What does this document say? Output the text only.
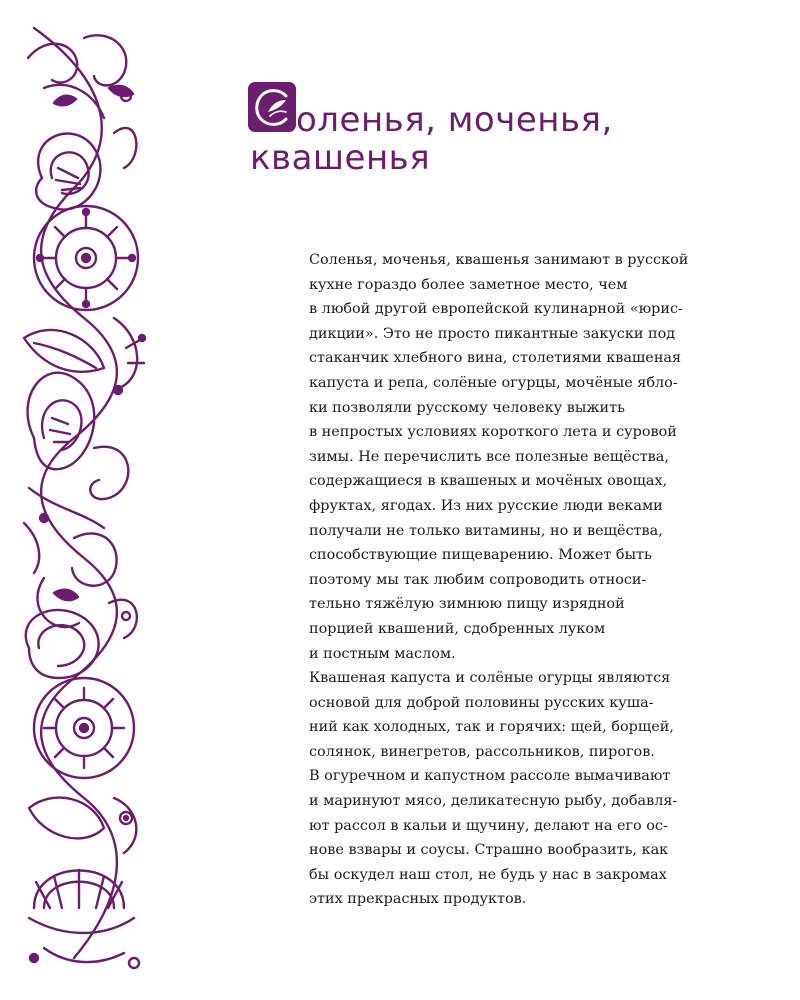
оленья, моченья,
квашенья
Соленья, моченья, квашенья занимают в русской
кухне гораздо более заметное место, чем
в любой другой европейской кулинарной «юрис-
дикции». Это не просто пикантные закуски под
стаканчик хлебного вина, столетиями квашеная
капуста и репа, солёные огурцы, мочёные ябло-
ки позволяли русскому человеку выжить
в непростых условиях короткого лета и суровой
зимы. Не перечислить все полезные вещёства,
содержащиеся в квашеных и мочёных овощах,
фруктах, ягодах. Из них русские люди веками
получали не только витамины, но и вещёства,
способствующие пищеварению. Может быть
поэтому мы так любим сопроводить относи-
тельно тяжёлую зимнюю пищу изрядной
порцией квашений, сдобренных луком
и постным маслом.
Квашеная капуста и солёные огурцы являются
основой для доброй половины русских куша-
ний как холодных, так и горячих: щей, борщей,
солянок, винегретов, рассольников, пирогов.
В огуречном и капустном рассоле вымачивают
и маринуют мясо, деликатесную рыбу, добавля-
ют рассол в кальи и щучину, делают на его ос-
нове взвары и соусы. Страшно вообразить, как
бы оскудел наш стол, не будь у нас в закромах
этих прекрасных продуктов.
